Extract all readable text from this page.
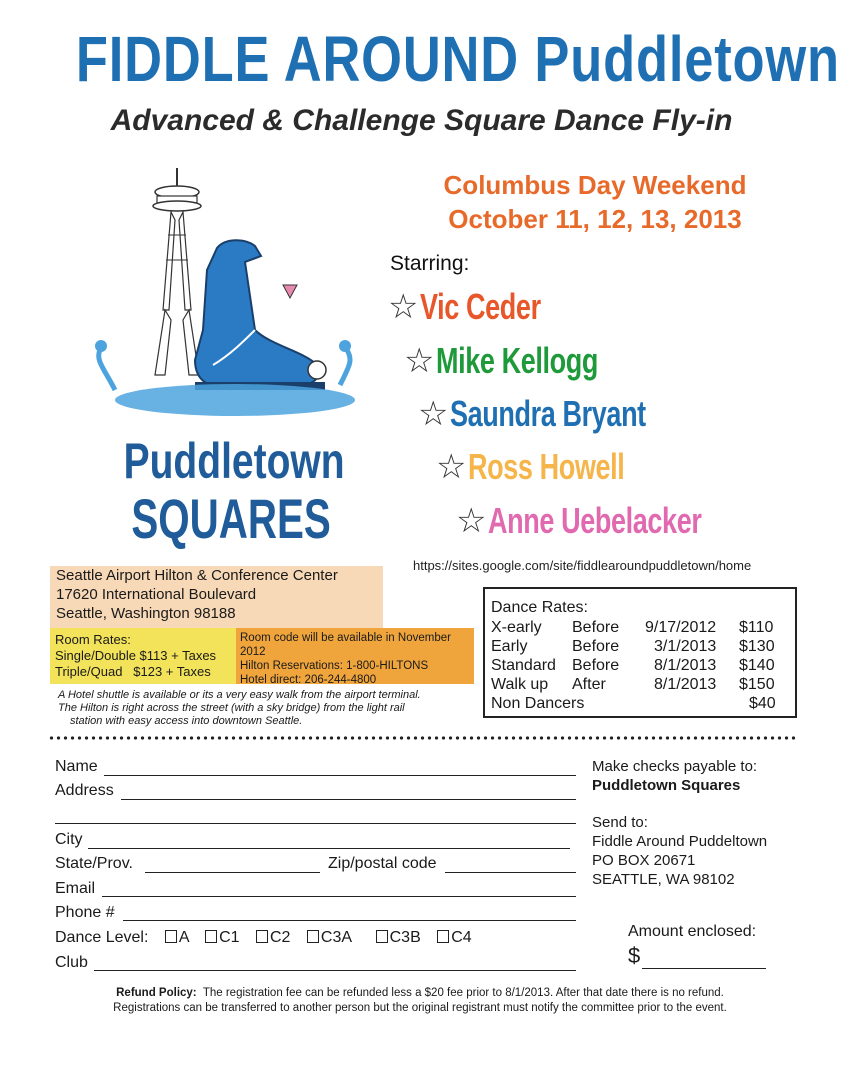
FIDDLE AROUND Puddletown
Advanced & Challenge Square Dance Fly-in
Puddletown
SQUARES
Columbus Day Weekend
October 11, 12, 13, 2013
Starring:
☆ Vic Ceder
☆ Mike Kellogg
☆ Saundra Bryant
☆ Ross Howell
☆ Anne Uebelacker
https://sites.google.com/site/fiddlearoundpuddletown/home
Seattle Airport Hilton & Conference Center
17620 International Boulevard
Seattle, Washington 98188
Room Rates:
Single/Double $113 + Taxes
Triple/Quad   $123 + Taxes
Room code will be available in November 2012
Hilton Reservations: 1-800-HILTONS
Hotel direct: 206-244-4800
A Hotel shuttle is available or its a very easy walk from the airport terminal.
The Hilton is right across the street (with a sky bridge) from the light rail
station with easy access into downtown Seattle.
Dance Rates:
X-early Before 9/17/2012 $110
Early	Before 3/1/2013 $130
Standard Before 8/1/2013 $140
Walk up After	8/1/2013 $150
Non Dancers	$40
Name
Address
City
State/Prov.	Zip/postal code
Email
Phone #
Dance Level: A C1 C2 C3A C3B C4
Club
Make checks payable to:
Puddletown Squares
Send to:
Fiddle Around Puddeltown
PO BOX 20671
SEATTLE, WA 98102
Amount enclosed:
$
Refund Policy: The registration fee can be refunded less a $20 fee prior to 8/1/2013. After that date there is no refund.
Registrations can be transferred to another person but the original registrant must notify the committee prior to the event.
